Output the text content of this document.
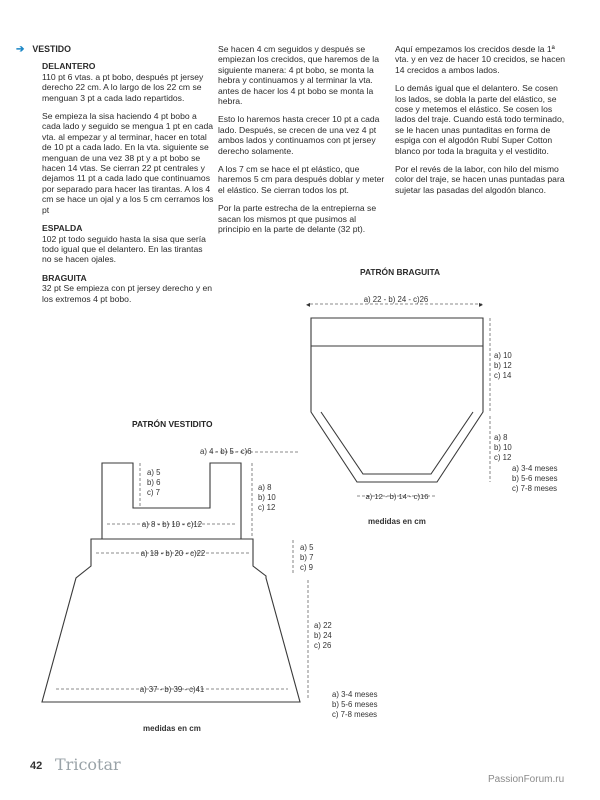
➔ VESTIDO
DELANTERO

110 pt 6 vtas. a pt bobo, después pt jersey derecho 22 cm. A lo largo de los 22 cm se menguan 3 pt a cada lado repartidos.

Se empieza la sisa haciendo 4 pt bobo a cada lado y seguido se mengua 1 pt en cada vta. al empezar y al terminar, hacer en total de 10 pt a cada lado. En la vta. siguiente se menguan de una vez 38 pt y a pt bobo se hacen 14 vtas. Se cierran 22 pt centrales y dejamos 11 pt a cada lado que continuamos por separado para hacer las tirantas. A los 4 cm se hace un ojal y a los 5 cm cerramos los pt

ESPALDA

102 pt todo seguido hasta la sisa que sería todo igual que el delantero. En las tirantas no se hacen ojales.

BRAGUITA

32 pt Se empieza con pt jersey derecho y en los extremos 4 pt bobo.

Se hacen 4 cm seguidos y después se empiezan los crecidos, que haremos de la siguiente manera: 4 pt bobo, se monta la hebra y continuamos y al terminar la vta. antes de hacer los 4 pt bobo se monta la hebra.

Esto lo haremos hasta crecer 10 pt a cada lado. Después, se crecen de una vez 4 pt ambos lados y continuamos con pt jersey derecho solamente.

A los 7 cm se hace el pt elástico, que haremos 5 cm para después doblar y meter el elástico. Se cierran todos los pt.

Por la parte estrecha de la entrepierna se sacan los mismos pt que pusimos al principio en la parte de delante (32 pt).

Aquí empezamos los crecidos desde la 1ª vta. y en vez de hacer 10 crecidos, se hacen 14 crecidos a ambos lados.

Lo demás igual que el delantero. Se cosen los lados, se dobla la parte del elástico, se cose y metemos el elástico. Se cosen los lados del traje. Cuando está todo terminado, se le hacen unas puntaditas en forma de espiga con el algodón Rubí Super Cotton blanco por toda la braguita y el vestidito.

Por el revés de la labor, con hilo del mismo color del traje, se hacen unas puntadas para sujetar las pasadas del algodón blanco.

PATRÓN BRAGUITA
a) 22 - b) 24 - c)26
◂	▸
a) 10
b) 12
c) 14
a) 8
b) 10
c) 12
a) 12 - b) 14 - c)16
a) 3-4 meses
b) 5-6 meses
c) 7-8 meses
medidas en cm
PATRÓN VESTIDITO
a) 4 - b) 5 - c)6
a) 5
b) 6
c) 7
a) 8
b) 10
c) 12
a) 8 - b) 10 - c)12
a) 18 - b) 20 - c)22
a) 5
b) 7
c) 9
a) 22
b) 24
c) 26
a) 37 - b) 39 - c)41
a) 3-4 meses
b) 5-6 meses
c) 7-8 meses
medidas en cm
42 Tricotar
PassionForum.ru
